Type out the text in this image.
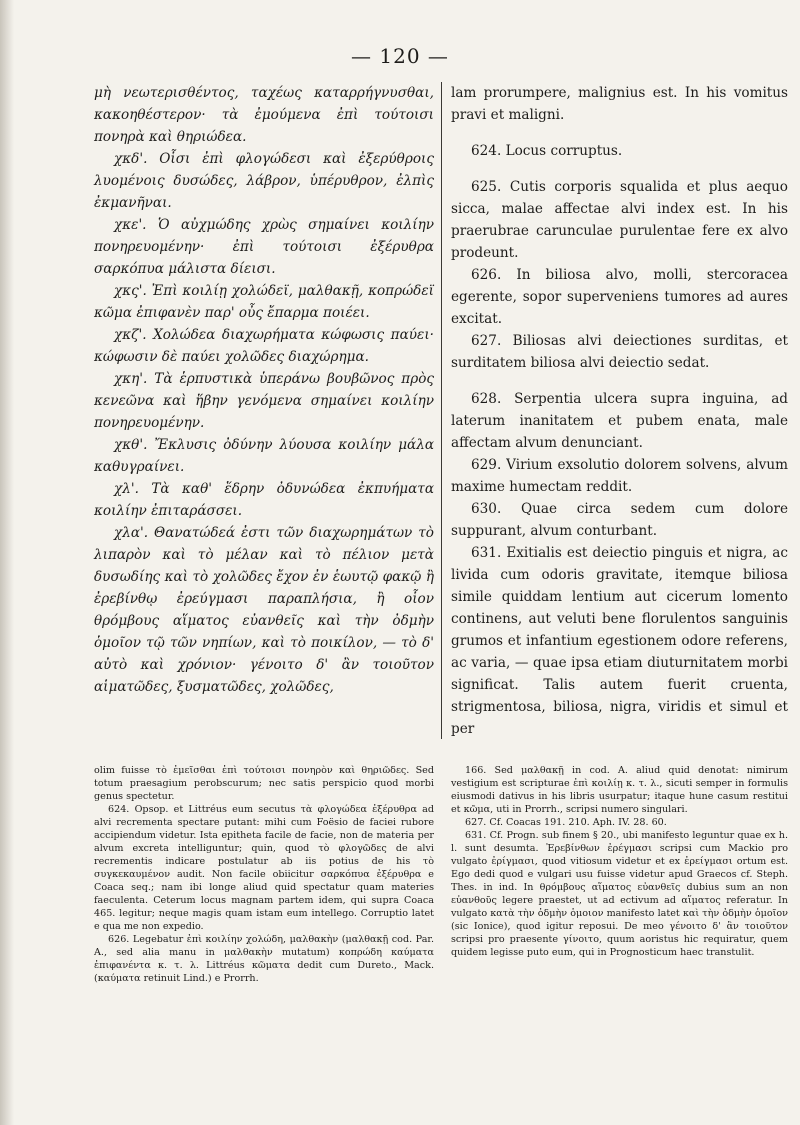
— 120 —

μὴ νεωτερισθέντος, ταχέως καταρρήγνυσθαι, κακοηθέστερον· τὰ ἐμούμενα ἐπὶ τούτοισι πονηρὰ καὶ θηριώδεα.

χκδ'. Οἷσι ἐπὶ φλογώδεσι καὶ ἐξερύθροις λυομένοις δυσώδες, λάβρον, ὑπέρυθρον, ἐλπὶς ἐκμανῆναι.

χκε'. Ὁ αὐχμώδης χρὼς σημαίνει κοιλίην πονηρευομένην· ἐπὶ τούτοισι ἐξέρυθρα σαρκόπυα μάλιστα δίεισι.

χκς'. Ἐπὶ κοιλίῃ χολώδεϊ, μαλθακῇ, κοπρώδεϊ κῶμα ἐπιφανὲν παρ' οὖς ἔπαρμα ποιέει.

χκζ'. Χολώδεα διαχωρήματα κώφωσις παύει· κώφωσιν δὲ παύει χολῶδες διαχώρημα.

χκη'. Τὰ ἑρπυστικὰ ὑπεράνω βουβῶνος πρὸς κενεῶνα καὶ ἥβην γενόμενα σημαίνει κοιλίην πονηρευομένην.

χκθ'. Ἔκλυσις ὀδύνην λύουσα κοιλίην μάλα καθυγραίνει.

χλ'. Τὰ καθ' ἕδρην ὀδυνώδεα ἐκπυήματα κοιλίην ἐπιταράσσει.

χλα'. Θανατώδεά ἐστι τῶν διαχωρημάτων τὸ λιπαρὸν καὶ τὸ μέλαν καὶ τὸ πέλιον μετὰ δυσωδίης καὶ τὸ χολῶδες ἔχον ἐν ἑωυτῷ φακῷ ἢ ἐρεβίνθῳ ἐρεύγμασι παραπλήσια, ἢ οἷον θρόμβους αἵματος εὐανθεῖς καὶ τὴν ὀδμὴν ὁμοῖον τῷ τῶν νηπίων, καὶ τὸ ποικίλον, — τὸ δ' αὐτὸ καὶ χρόνιον· γένοιτο δ' ἂν τοιοῦτον αἱματῶδες, ξυσματῶδες, χολῶδες,

lam prorumpere, malignius est. In his vomitus pravi et maligni.

624. Locus corruptus.

625. Cutis corporis squalida et plus aequo sicca, malae affectae alvi index est. In his praerubrae carunculae purulentae fere ex alvo prodeunt.

626. In biliosa alvo, molli, stercoracea egerente, sopor superveniens tumores ad aures excitat.

627. Biliosas alvi deiectiones surditas, et surditatem biliosa alvi deiectio sedat.

628. Serpentia ulcera supra inguina, ad laterum inanitatem et pubem enata, male affectam alvum denunciant.

629. Virium exsolutio dolorem solvens, alvum maxime humectam reddit.

630. Quae circa sedem cum dolore suppurant, alvum conturbant.

631. Exitialis est deiectio pinguis et nigra, ac livida cum odoris gravitate, itemque biliosa simile quiddam lentium aut cicerum lomento continens, aut veluti bene florulentos sanguinis grumos et infantium egestionem odore referens, ac varia, — quae ipsa etiam diuturnitatem morbi significat. Talis autem fuerit cruenta, strigmentosa, biliosa, nigra, viridis et simul et per

olim fuisse τὸ ἐμεῖσθαι ἐπὶ τούτοισι πονηρὸν καὶ θηριῶδες. Sed totum praesagium perobscurum; nec satis perspicio quod morbi genus spectetur.

624. Opsop. et Littréus eum secutus τὰ φλογώδεα ἐξέρυθρα ad alvi recrementa spectare putant: mihi cum Foësio de faciei rubore accipiendum videtur. Ista epitheta facile de facie, non de materia per alvum excreta intelliguntur; quin, quod τὸ φλογῶδες de alvi recrementis indicare postulatur ab iis potius de his τὸ συγκεκαυμένον audit. Non facile obiicitur σαρκόπυα ἐξέρυθρα e Coaca seq.; nam ibi longe aliud quid spectatur quam materies faeculenta. Ceterum locus magnam partem idem, qui supra Coaca 465. legitur; neque magis quam istam eum intellego. Corruptio latet e qua me non expedio.

626. Legebatur ἐπὶ κοιλίην χολώδη, μαλθακὴν (μαλθακῇ cod. Par. A., sed alia manu in μαλθακὴν mutatum) κοπρώδη καύματα ἐπιφανέντα κ. τ. λ. Littréus κῶματα dedit cum Dureto., Mack. (καύματα retinuit Lind.) e Prorrh.

166. Sed μαλθακῇ in cod. A. aliud quid denotat: nimirum vestigium est scripturae ἐπὶ κοιλίῃ κ. τ. λ., sicuti semper in formulis eiusmodi dativus in his libris usurpatur; itaque hune casum restitui et κῶμα, uti in Prorrh., scripsi numero singulari.

627. Cf. Coacas 191. 210. Aph. IV. 28. 60.

631. Cf. Progn. sub finem § 20., ubi manifesto leguntur quae ex h. l. sunt desumta. Ἐρεβίνθων ἐρέγμασι scripsi cum Mackio pro vulgato ἐρίγμασι, quod vitiosum videtur et ex ἐρείγμασι ortum est. Ego dedi quod e vulgari usu fuisse videtur apud Graecos cf. Steph. Thes. in ind. In θρόμβους αἵματος εὐανθεῖς dubius sum an non εὐανθοῦς legere praestet, ut ad ectivum ad αἵματος referatur. In vulgato κατὰ τὴν ὀδμὴν ὁμοιον manifesto latet καὶ τὴν ὀδμὴν ὁμοῖον (sic Ionice), quod igitur reposui. De meo γένοιτο δ' ἂν τοιοῦτον scripsi pro praesente γίνοιτο, quum aoristus hic requiratur, quem quidem legisse puto eum, qui in Prognosticum haec transtulit.
